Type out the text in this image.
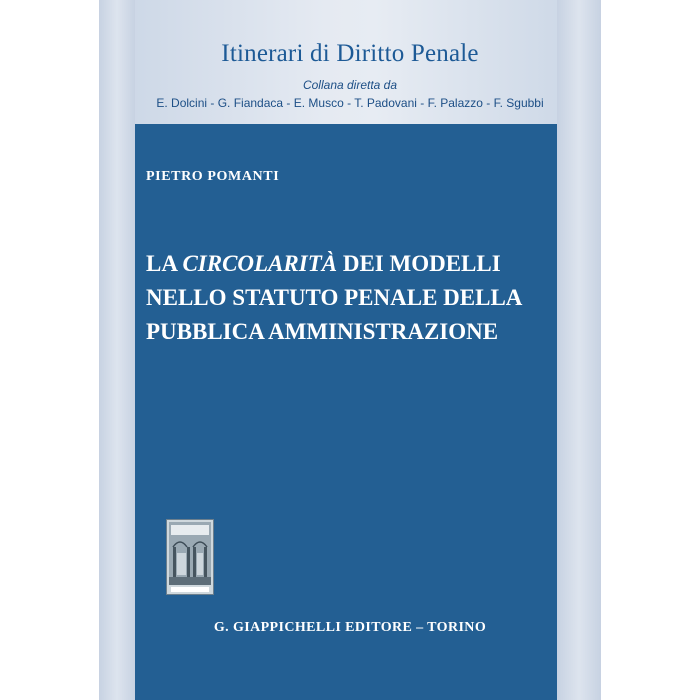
Itinerari di Diritto Penale
Collana diretta da
E. Dolcini - G. Fiandaca - E. Musco - T. Padovani - F. Palazzo - F. Sgubbi
PIETRO POMANTI
LA CIRCOLARITÀ DEI MODELLI
NELLO STATUTO PENALE DELLA
PUBBLICA AMMINISTRAZIONE
G. GIAPPICHELLI EDITORE – TORINO
